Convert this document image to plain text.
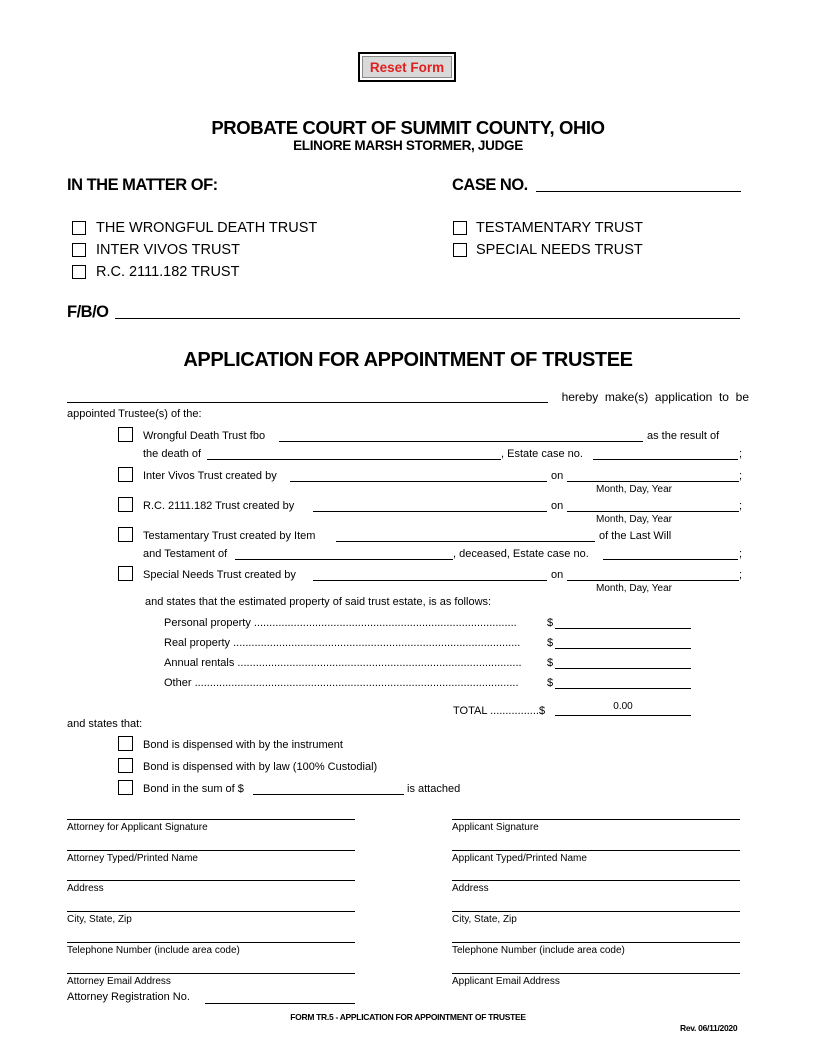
Reset Form
PROBATE COURT OF SUMMIT COUNTY, OHIO
ELINORE MARSH STORMER, JUDGE
IN THE MATTER OF:	CASE NO.
THE WRONGFUL DEATH TRUST
INTER VIVOS TRUST
R.C. 2111.182 TRUST
TESTAMENTARY TRUST
SPECIAL NEEDS TRUST
F/B/O
APPLICATION FOR APPOINTMENT OF TRUSTEE
hereby  make(s)  application  to  be
appointed Trustee(s) of the:
Wrongful Death Trust fbo	as the result of
the death of	, Estate case no.	;
Inter Vivos Trust created by	on	;
Month, Day, Year
R.C. 2111.182 Trust created by	on	;
Month, Day, Year
Testamentary Trust created by Item	of the Last Will
and Testament of	, deceased, Estate case no.	;
Special Needs Trust created by	on	;
Month, Day, Year
and states that the estimated property of said trust estate, is as follows:
Personal property ......................................................................................	$
Real property ..............................................................................................	$
Annual rentals .............................................................................................	$
Other ..........................................................................................................	$
TOTAL ................$	0.00
and states that:
Bond is dispensed with by the instrument
Bond is dispensed with by law (100% Custodial)
Bond in the sum of $	is attached
Attorney for Applicant Signature
Attorney Typed/Printed Name
Address
City, State, Zip
Telephone Number (include area code)
Attorney Email Address
Attorney Registration No.
Applicant Signature
Applicant Typed/Printed Name
Address
City, State, Zip
Telephone Number (include area code)
Applicant Email Address
FORM TR.5 - APPLICATION FOR APPOINTMENT OF TRUSTEE
Rev. 06/11/2020
